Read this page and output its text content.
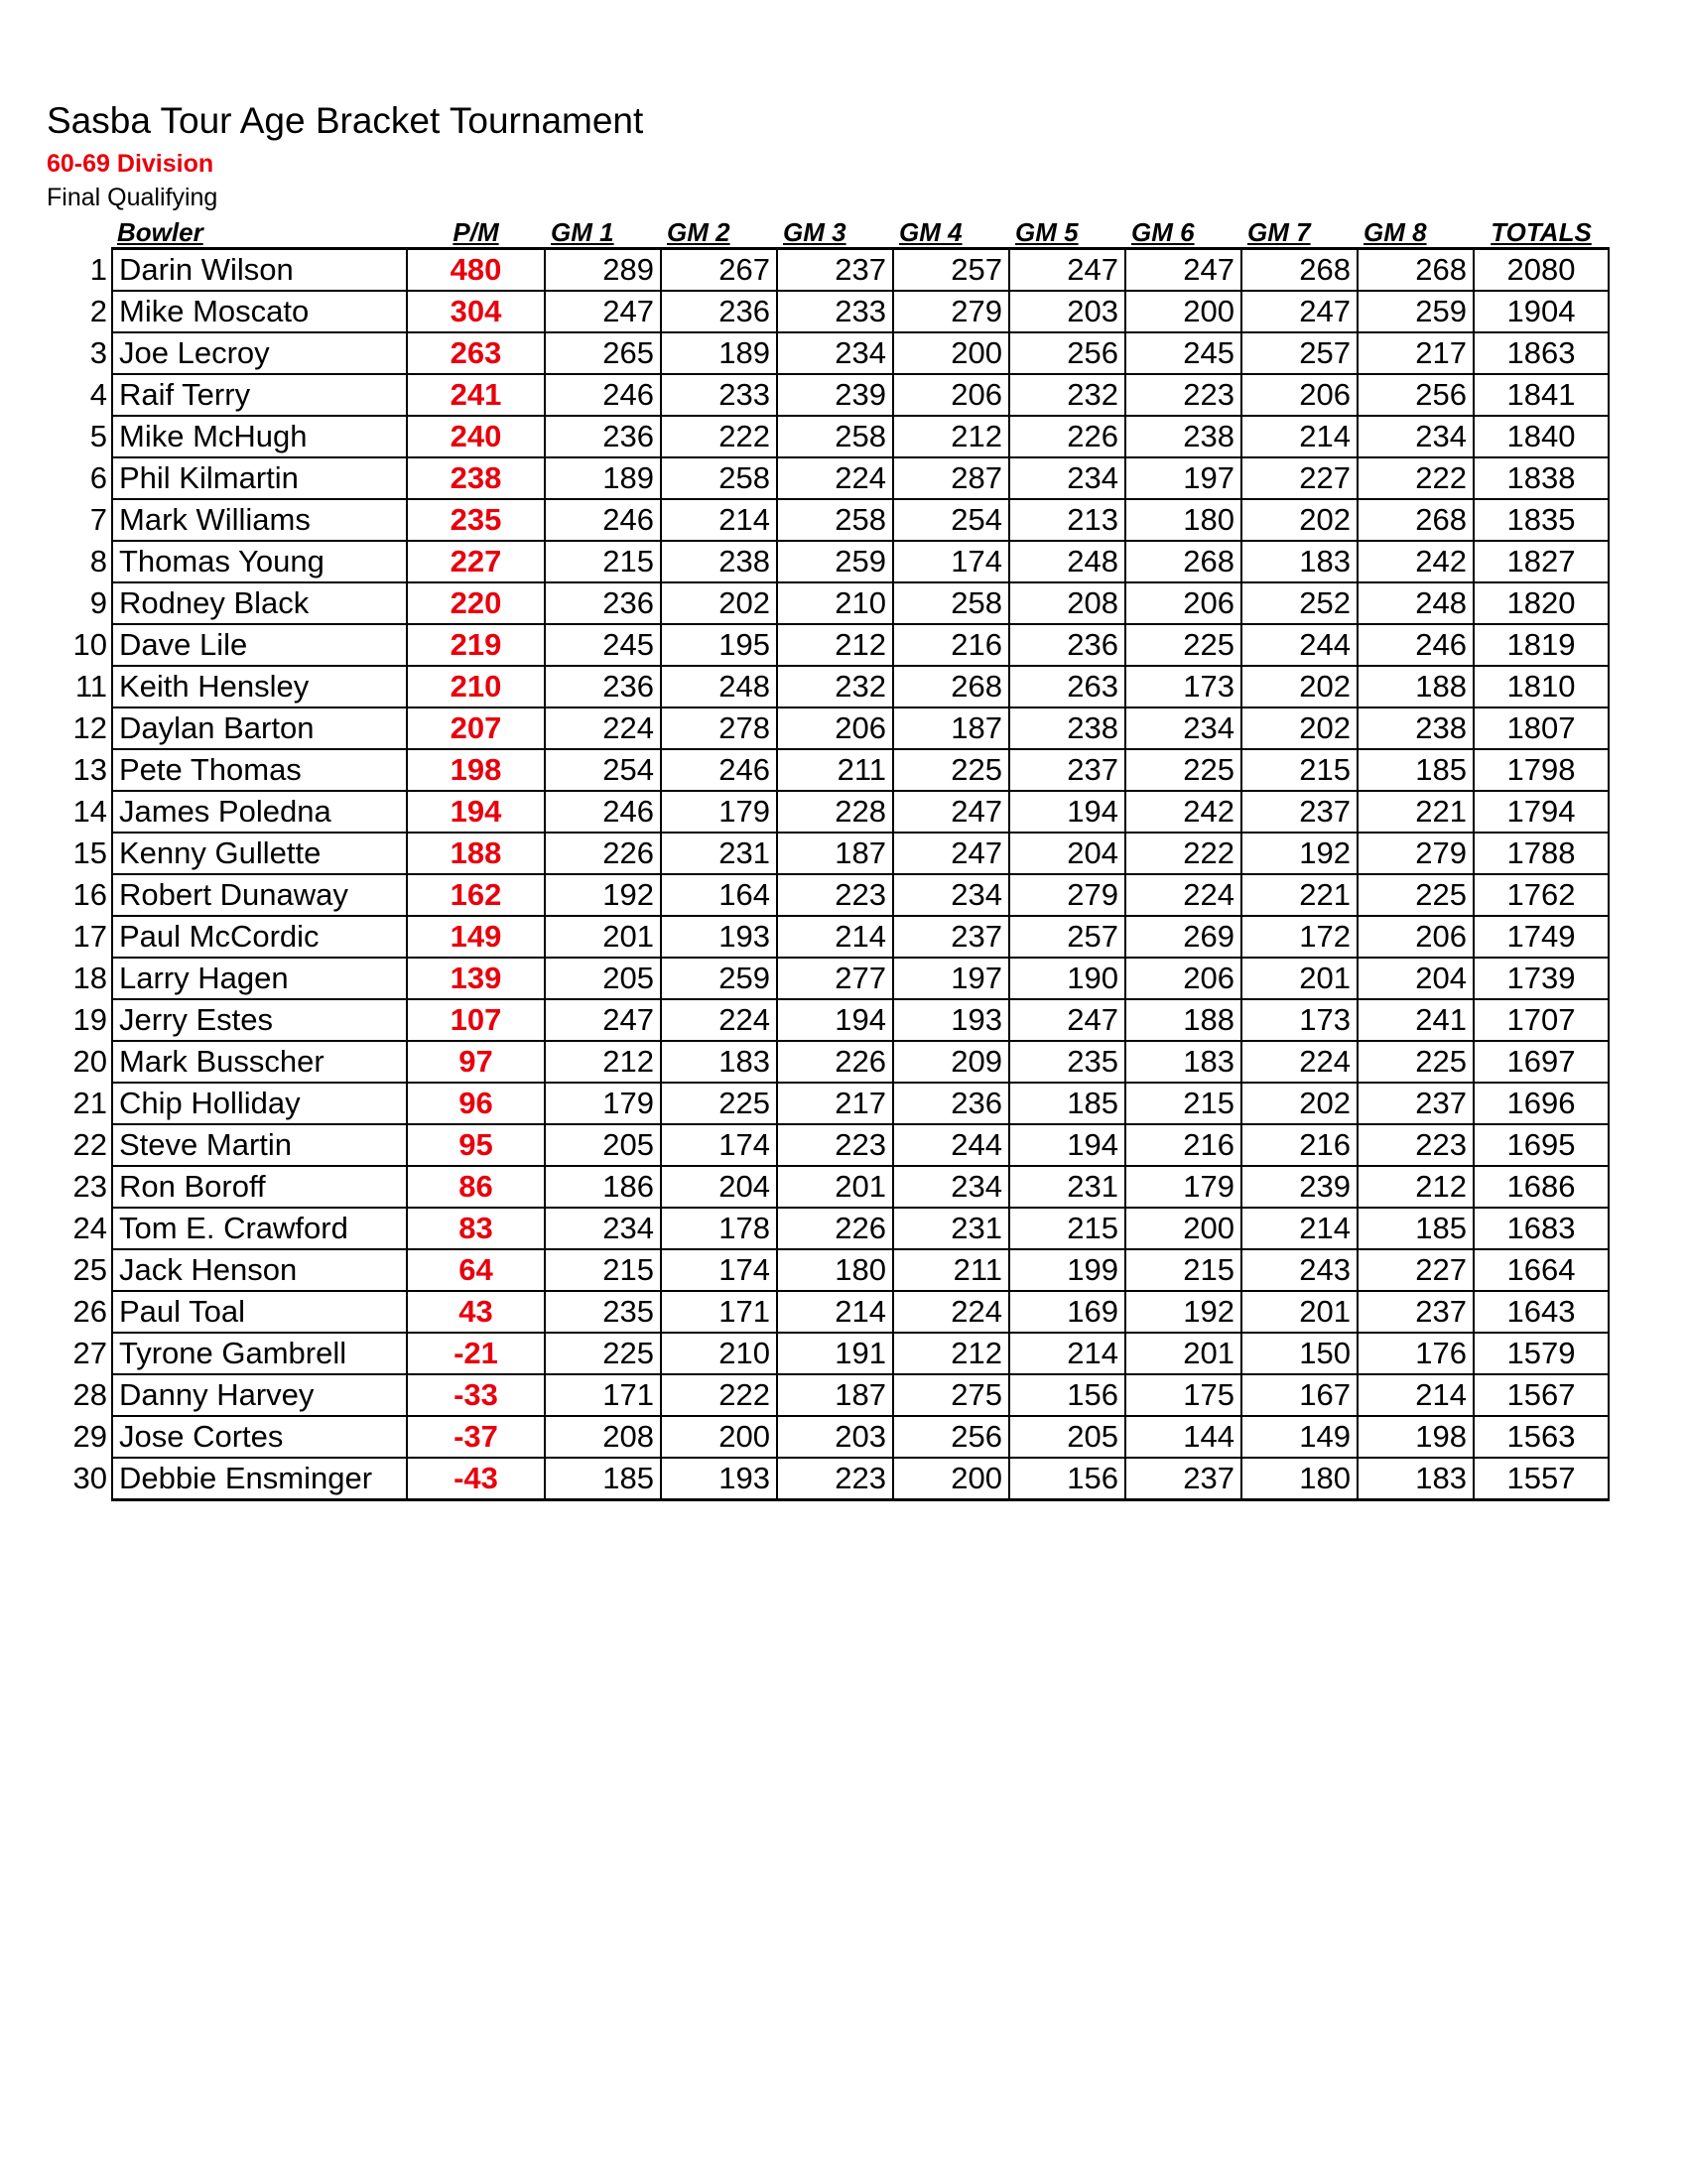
Sasba Tour Age Bracket Tournament
60-69 Division
Final Qualifying
Bowler		P/M	GM 1	GM 2	GM 3	GM 4	GM 5	GM 6	GM 7	GM 8	TOTALS
1	Darin Wilson	480	289	267	237	257	247	247	268	268	2080
2	Mike Moscato	304	247	236	233	279	203	200	247	259	1904
3	Joe Lecroy	263	265	189	234	200	256	245	257	217	1863
4	Raif Terry	241	246	233	239	206	232	223	206	256	1841
5	Mike McHugh	240	236	222	258	212	226	238	214	234	1840
6	Phil Kilmartin	238	189	258	224	287	234	197	227	222	1838
7	Mark Williams	235	246	214	258	254	213	180	202	268	1835
8	Thomas Young	227	215	238	259	174	248	268	183	242	1827
9	Rodney Black	220	236	202	210	258	208	206	252	248	1820
10	Dave Lile	219	245	195	212	216	236	225	244	246	1819
11	Keith Hensley	210	236	248	232	268	263	173	202	188	1810
12	Daylan Barton	207	224	278	206	187	238	234	202	238	1807
13	Pete Thomas	198	254	246	211	225	237	225	215	185	1798
14	James Poledna	194	246	179	228	247	194	242	237	221	1794
15	Kenny Gullette	188	226	231	187	247	204	222	192	279	1788
16	Robert Dunaway	162	192	164	223	234	279	224	221	225	1762
17	Paul McCordic	149	201	193	214	237	257	269	172	206	1749
18	Larry Hagen	139	205	259	277	197	190	206	201	204	1739
19	Jerry Estes	107	247	224	194	193	247	188	173	241	1707
20	Mark Busscher	97	212	183	226	209	235	183	224	225	1697
21	Chip Holliday	96	179	225	217	236	185	215	202	237	1696
22	Steve Martin	95	205	174	223	244	194	216	216	223	1695
23	Ron Boroff	86	186	204	201	234	231	179	239	212	1686
24	Tom E. Crawford	83	234	178	226	231	215	200	214	185	1683
25	Jack Henson	64	215	174	180	211	199	215	243	227	1664
26	Paul Toal	43	235	171	214	224	169	192	201	237	1643
27	Tyrone Gambrell	-21	225	210	191	212	214	201	150	176	1579
28	Danny Harvey	-33	171	222	187	275	156	175	167	214	1567
29	Jose Cortes	-37	208	200	203	256	205	144	149	198	1563
30	Debbie Ensminger	-43	185	193	223	200	156	237	180	183	1557
